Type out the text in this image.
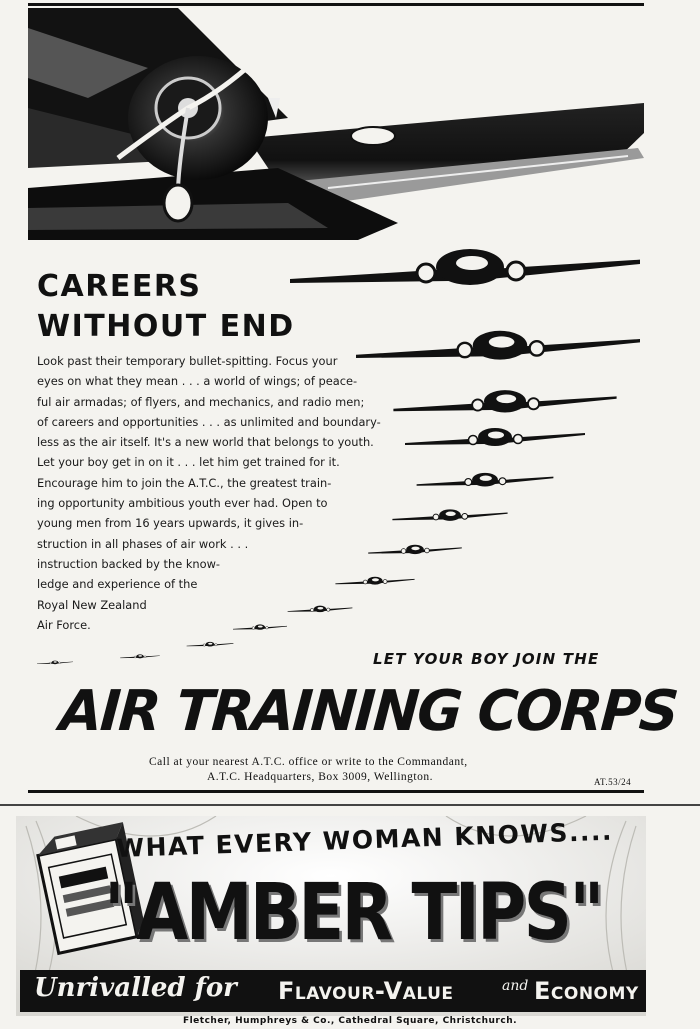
CAREERS
WITHOUT END
Look past their temporary bullet-spitting. Focus your
eyes on what they mean . . . a world of wings; of peace-
ful air armadas; of flyers, and mechanics, and radio men;
of careers and opportunities . . . as unlimited and boundary-
less as the air itself. It's a new world that belongs to youth.
Let your boy get in on it . . . let him get trained for it.
Encourage him to join the A.T.C., the greatest train-
ing opportunity ambitious youth ever had. Open to
young men from 16 years upwards, it gives in-
struction in all phases of air work . . .
instruction backed by the know-
ledge and experience of the
Royal New Zealand
Air Force.
LET YOUR BOY JOIN THE
AIR TRAINING CORPS
Call at your nearest A.T.C. office or write to the Commandant,
A.T.C. Headquarters, Box 3009, Wellington.	AT.53/24
WHAT EVERY WOMAN KNOWS....
"AMBER TIPS"
Unrivalled for Flavour-Value	and Economy
Fletcher, Humphreys & Co., Cathedral Square, Christchurch.
